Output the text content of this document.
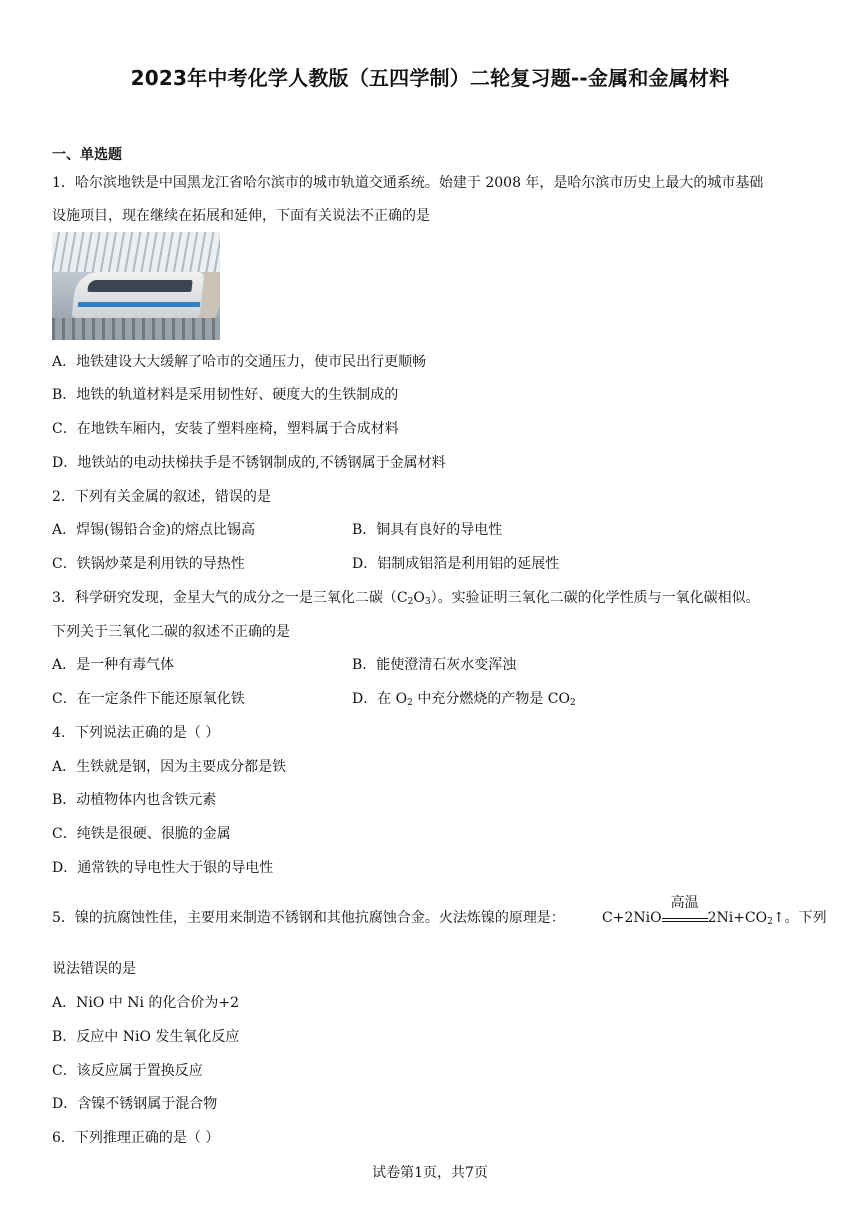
2023年中考化学人教版（五四学制）二轮复习题--金属和金属材料
一、单选题
1．哈尔滨地铁是中国黑龙江省哈尔滨市的城市轨道交通系统。始建于 2008 年，是哈尔滨市历史上最大的城市基础
设施项目，现在继续在拓展和延伸，下面有关说法不正确的是
A．地铁建设大大缓解了哈市的交通压力，使市民出行更顺畅
B．地铁的轨道材料是采用韧性好、硬度大的生铁制成的
C．在地铁车厢内，安装了塑料座椅，塑料属于合成材料
D．地铁站的电动扶梯扶手是不锈钢制成的,不锈钢属于金属材料
2．下列有关金属的叙述，错误的是
A．焊锡(锡铅合金)的熔点比锡高	B．铜具有良好的导电性
C．铁锅炒菜是利用铁的导热性	D．铝制成铝箔是利用铝的延展性
3．科学研究发现，金星大气的成分之一是三氧化二碳$(C_2O_3)$。实验证明三氧化二碳的化学性质与一氧化碳相似。
下列关于三氧化二碳的叙述不正确的是
A．是一种有毒气体	B．能使澄清石灰水变浑浊
C．在一定条件下能还原氧化铁	D．在 $O_2$ 中充分燃烧的产物是 $CO_2$
4．下列说法正确的是（ ）
A．生铁就是钢，因为主要成分都是铁
B．动植物体内也含铁元素
C．纯铁是很硬、很脆的金属
D．通常铁的导电性大于银的导电性
5．镍的抗腐蚀性佳，主要用来制造不锈钢和其他抗腐蚀合金。火法炼镍的原理是：	C+2NiO
高温
$2Ni+CO_2↑$。下列
说法错误的是
A．NiO 中 Ni 的化合价为+2
B．反应中 NiO 发生氧化反应
C．该反应属于置换反应
D．含镍不锈钢属于混合物
6．下列推理正确的是（ ）
试卷第1页，共7页
